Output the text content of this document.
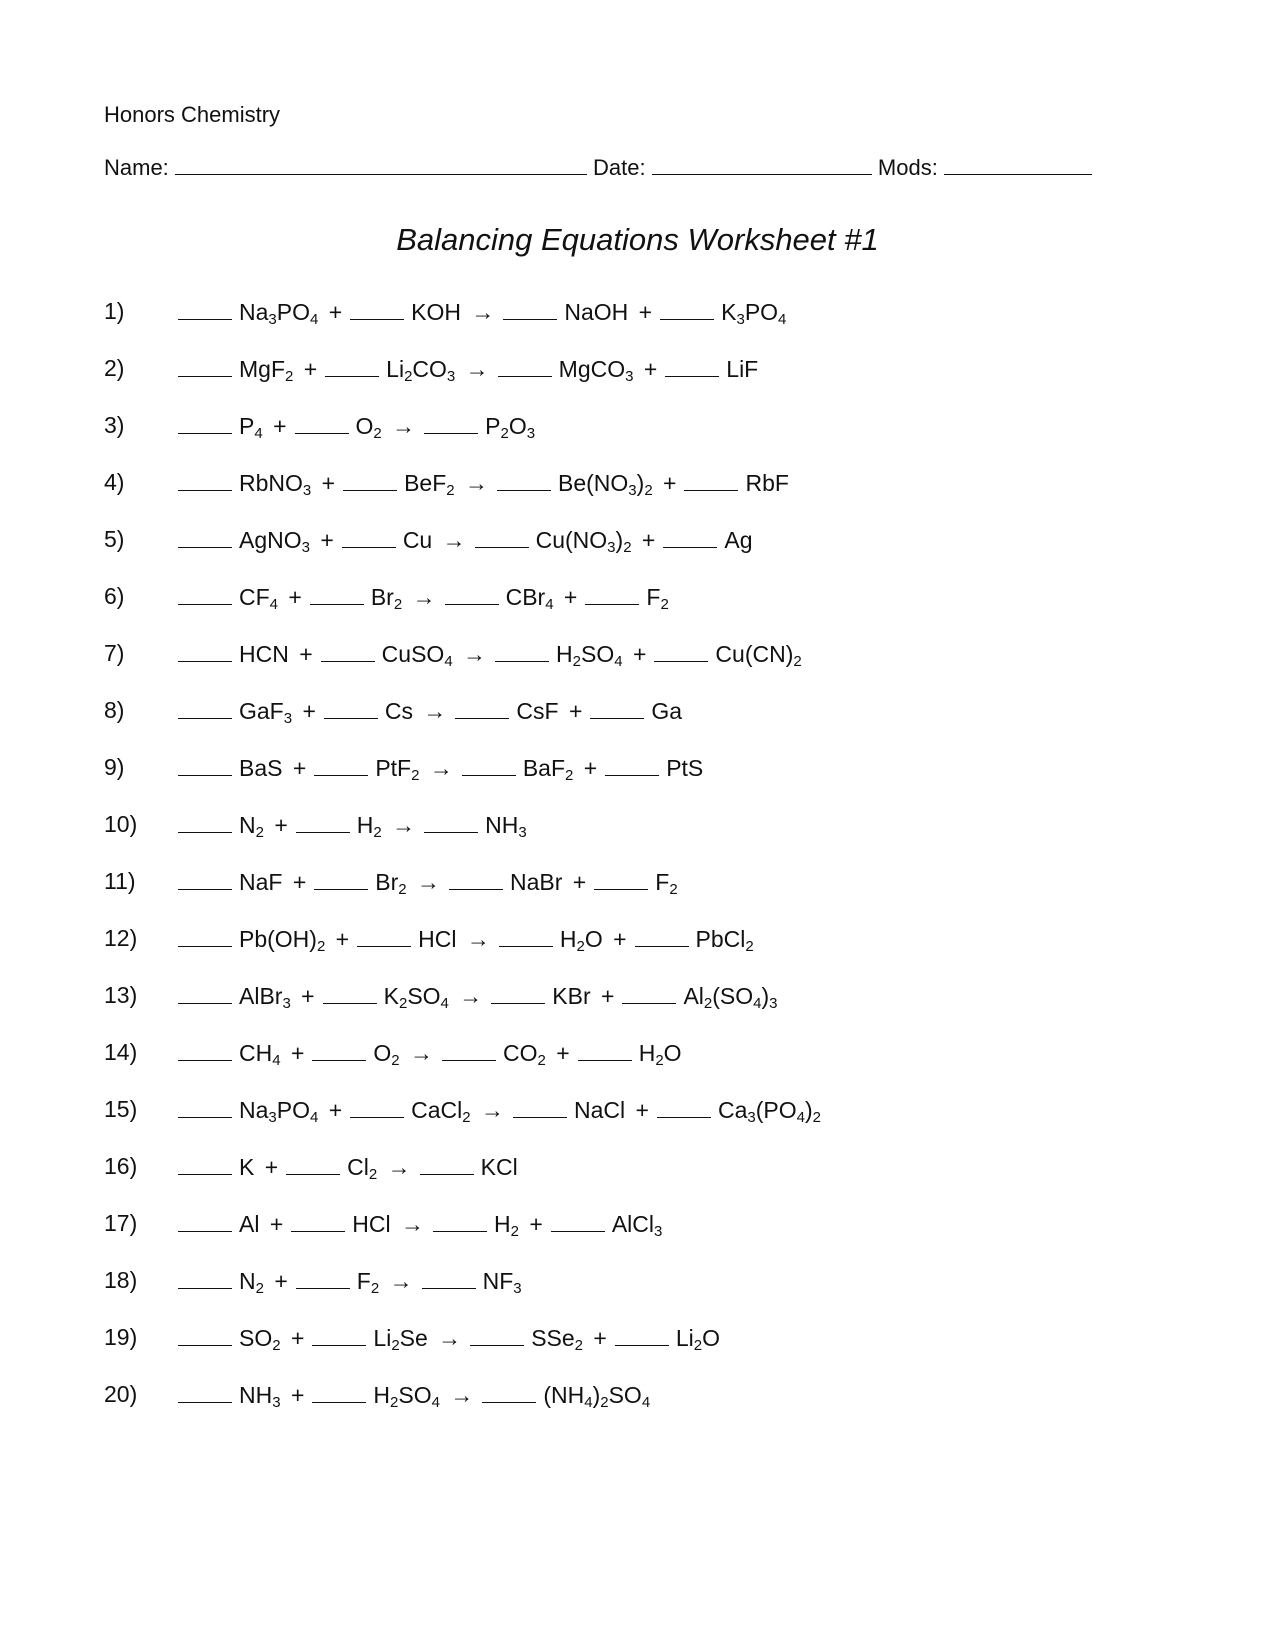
Honors Chemistry
Name:	Date:	Mods:
Balancing Equations Worksheet #1
1)	$Na_3PO_4$ +	KOH →	NaOH +	$K_3PO_4$
2)	MgF$_2$ +	$Li_2CO_3$ →	MgCO$_3$ +	LiF
3)	$P_4$ +	$O_2$ →	$P_2O_3$
4)	RbNO$_3$ +	BeF$_2$ →	$Be(NO_3)_2$ +	RbF
5)	AgNO$_3$ +	Cu →	$Cu(NO_3)_2$ +	Ag
6)	$CF_4$ +	$Br_2$ →	CBr$_4$ +	$F_2$
7)	HCN +	CuSO$_4$ →	$H_2SO_4$ +	$Cu(CN)_2$
8)	GaF$_3$ +	Cs →	CsF +	Ga
9)	BaS +	PtF$_2$ →	BaF$_2$ +	PtS
10)	$N_2$ +	$H_2$ →	$NH_3$
11)	NaF +	$Br_2$ →	NaBr +	$F_2$
12)	$Pb(OH)_2$ +	HCl →	$H_2O$ +	PbCl$_2$
13)	AlBr$_3$ +	$K_2SO_4$ →	KBr +	$Al_2(SO_4)_3$
14)	$CH_4$ +	$O_2$ →	$CO_2$ +	$H_2O$
15)	$Na_3PO_4$ +	CaCl$_2$ →	NaCl +	$Ca_3(PO_4)_2$
16)	K +	$Cl_2$ →	KCl
17)	Al +	HCl →	$H_2$ +	AlCl$_3$
18)	$N_2$ +	$F_2$ →	$NF_3$
19)	$SO_2$ +	$Li_2Se$ →	SSe$_2$ +	$Li_2O$
20)	$NH_3$ +	$H_2SO_4$ →	$(NH_4)_2SO_4$
